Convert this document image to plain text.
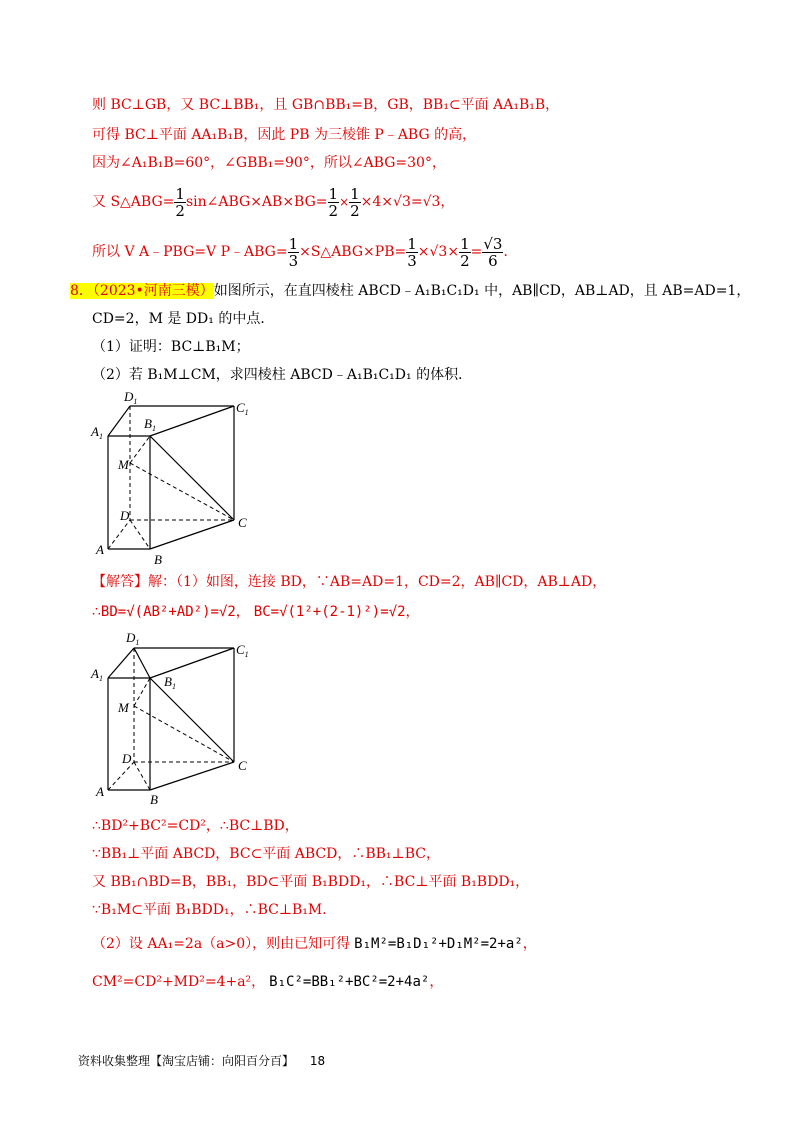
则 BC⊥GB，又 BC⊥BB₁，且 GB∩BB₁=B，GB，BB₁⊂平面 AA₁B₁B，
可得 BC⊥平面 AA₁B₁B，因此 PB 为三棱锥 P﹣ABG 的高，
因为∠A₁B₁B=60°，∠GBB₁=90°，所以∠ABG=30°，
又 S△ABG= $\frac{1}{2}$ sin∠ABG×AB×BG= $\frac{1}{2} \times \frac{1}{2} \times 4\times√3=√3$，
所以 V A﹣PBG=V P﹣ABG= $\frac{1}{3}$ ×S△ABG×PB= $\frac{1}{3} \times√3\times \frac{1}{2} = \frac{√3}{6}$ ．
8．（2023•河南三模）如图所示，在直四棱柱 ABCD﹣A₁B₁C₁D₁ 中，AB∥CD，AB⊥AD，且 AB=AD=1，
CD=2，M 是 DD₁ 的中点．
（1）证明：BC⊥B₁M；
（2）若 B₁M⊥CM，求四棱柱 ABCD﹣A₁B₁C₁D₁ 的体积．
$D_1$
$A_1$
$B_1$
$C_1$
M
D	C
A
B
【解答】解：（1）如图，连接 BD，∵AB=AD=1，CD=2，AB∥CD，AB⊥AD，
∴ BD=√(AB²+AD²)=√2 ， BC=√(1²+(2-1)²)=√2 ，
$D_1$
$A_1$	$B_1$
$C_1$
M
D	C
A
B
∴BD²+BC²=CD²，∴BC⊥BD，
∵BB₁⊥平面 ABCD，BC⊂平面 ABCD，∴BB₁⊥BC，
又 BB₁∩BD=B，BB₁，BD⊂平面 B₁BDD₁，∴BC⊥平面 B₁BDD₁，
∵B₁M⊂平面 B₁BDD₁，∴BC⊥B₁M．
（2）设 AA₁=2a（a>0），则由已知可得 B₁M²=B₁D₁²+D₁M²=2+a² ，
CM²=CD²+MD²=4+a²， B₁C²=BB₁²+BC²=2+4a² ，
资料收集整理【淘宝店铺：向阳百分百】 18
